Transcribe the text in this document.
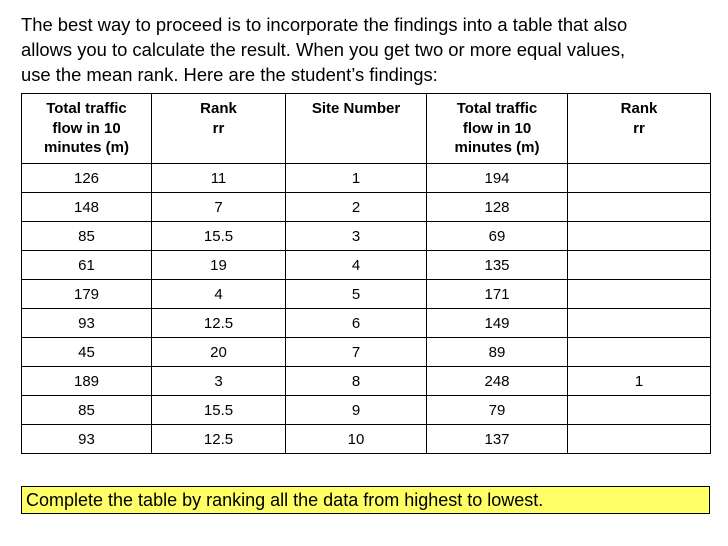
The best way to proceed is to incorporate the findings into a table that also
allows you to calculate the result. When you get two or more equal values,
use the mean rank. Here are the student’s findings:
Total traffic
flow in 10
minutes (m)	Rank
rr	Site Number	Total traffic
flow in 10
minutes (m)	Rank
rr
126	11	1	194	
148	7	2	128	
85	15.5	3	69	
61	19	4	135	
179	4	5	171	
93	12.5	6	149	
45	20	7	89	
189	3	8	248	1
85	15.5	9	79	
93	12.5	10	137	
Complete the table by ranking all the data from highest to lowest.
